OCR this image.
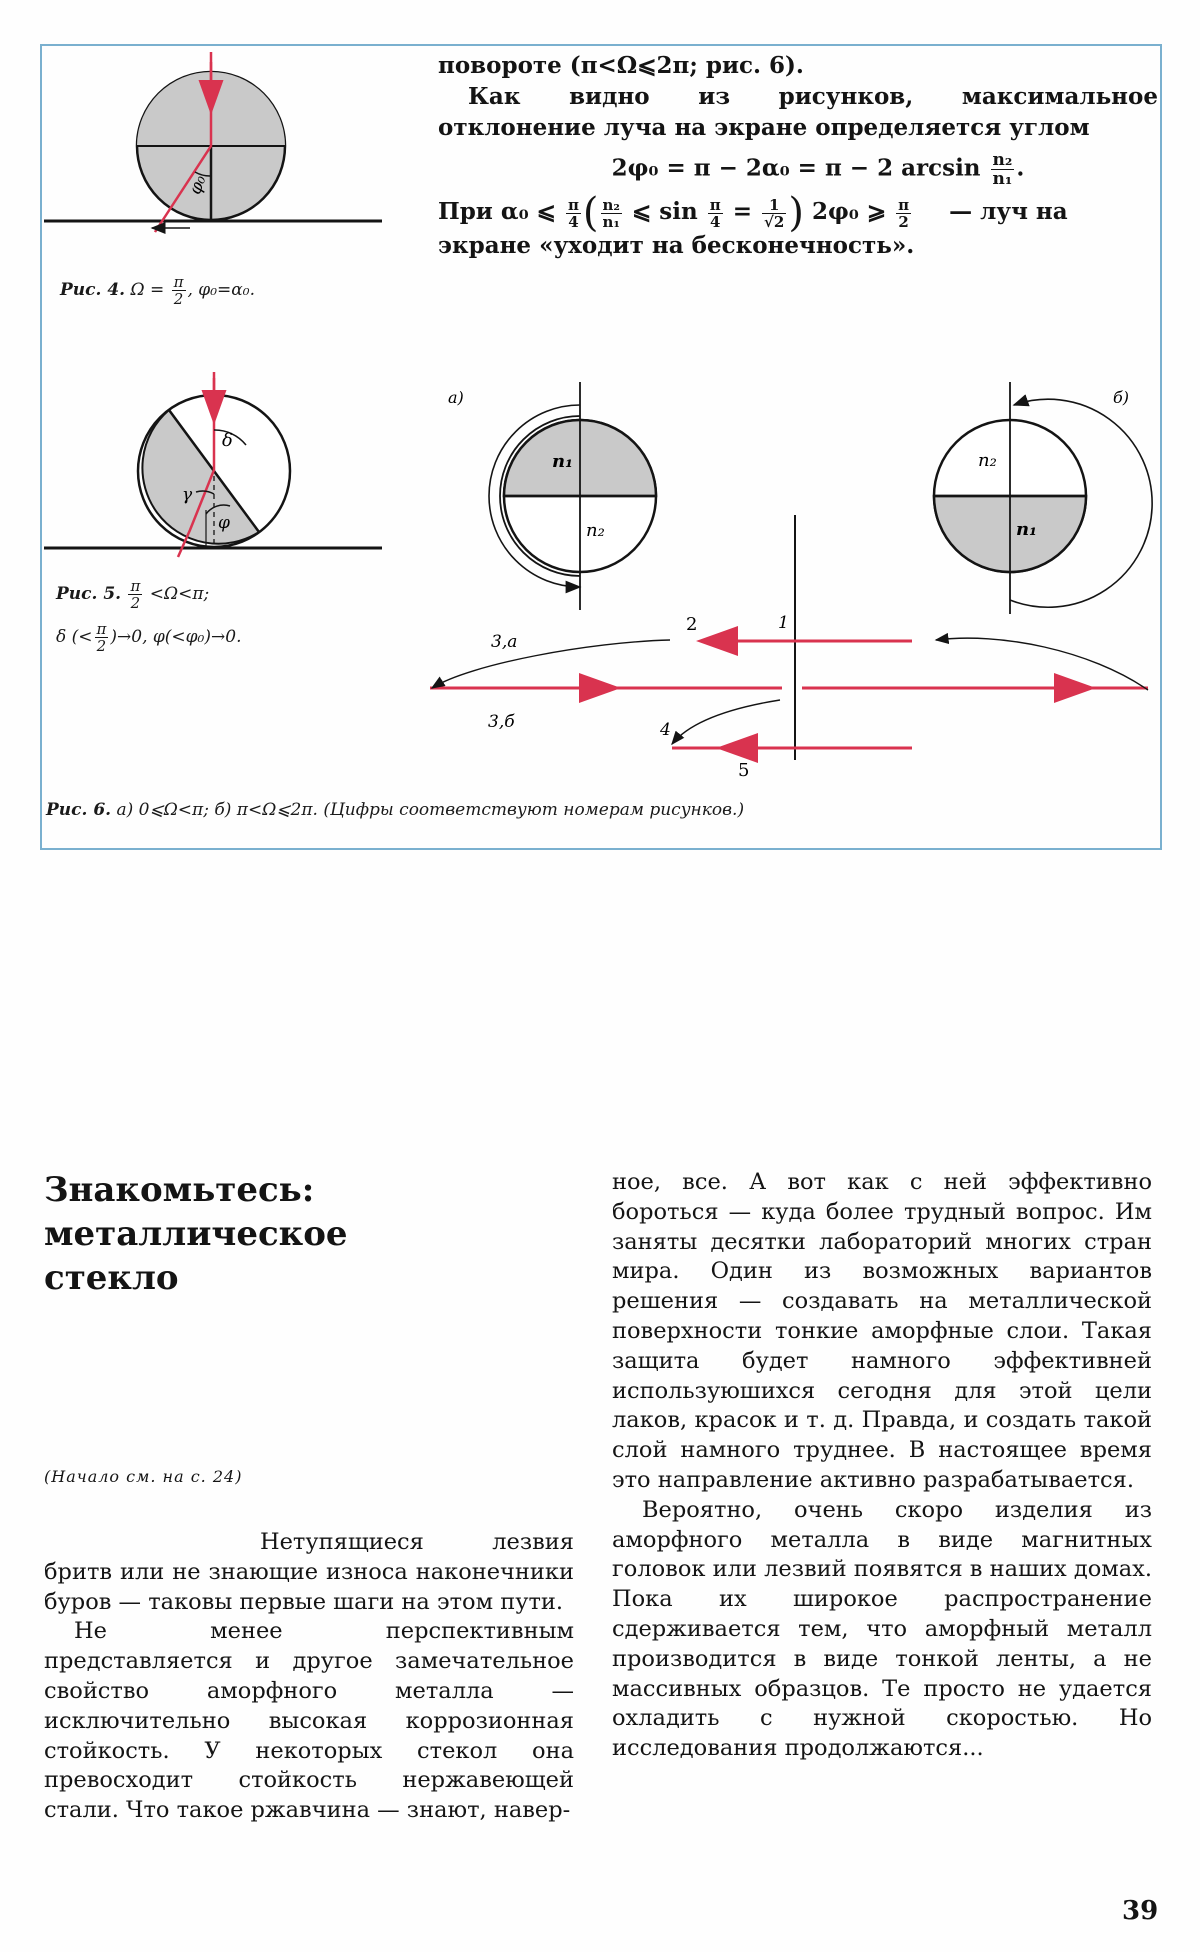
φ₀
δ
γ
φ
а)
n₁
n₂
б)
n₂
n₁
1
2
3,а
3,б	4
5

повороте (π<Ω⩽2π; рис. 6).

Как видно из рисунков, максимальное отклонение луча на экране определяется углом

2φ₀ = π − 2α₀ = π − 2 $\arcsin \frac{\text{n₂}}{\text{n₁}}$ .

При α₀ ⩽ $\frac{\pi}{4}$ ( $\frac{\text{n₂}}{\text{n₁}}$ ⩽ $\sin \frac{\pi}{4} = \frac{1}{√2}$ ) 2φ₀ ⩾ $\frac{\pi}{2}$ — луч на

экране «уходит на бесконечность».

Рис. 4. $\Omega = \frac{\pi}{2}$ , φ₀=α₀.
Рис. 5. $\frac{\pi}{2} <\Omega<\pi$;
δ (< $\frac{\pi}{2} )\to 0$, φ(<φ₀)→0.
Рис. 6. а) 0⩽Ω<π; б) π<Ω⩽2π. (Цифры соответствуют номерам рисунков.)
Знакомьтесь:
металлическое
стекло
(Начало см. на с. 24)

Нетупящиеся лезвия бритв или не знающие износа наконечники буров — таковы первые шаги на этом пути.

Не менее перспективным представляется и другое замечательное свойство аморфного металла — исключительно высокая коррозионная стойкость. У некоторых стекол она превосходит стойкость нержавеющей стали. Что такое ржавчина — знают, навер-

ное, все. А вот как с ней эффективно бороться — куда более трудный вопрос. Им заняты десятки лабораторий многих стран мира. Один из возможных вариантов решения — создавать на металлической поверхности тонкие аморфные слои. Такая защита будет намного эффективней используюшихся сегодня для этой цели лаков, красок и т. д. Правда, и создать такой слой намного труднее. В настоящее время это направление активно разрабатывается.

Вероятно, очень скоро изделия из аморфного металла в виде магнитных головок или лезвий появятся в наших домах. Пока их широкое распространение сдерживается тем, что аморфный металл производится в виде тонкой ленты, а не массивных образцов. Те просто не удается охладить с нужной скоростью. Но исследования продолжаются...

39
